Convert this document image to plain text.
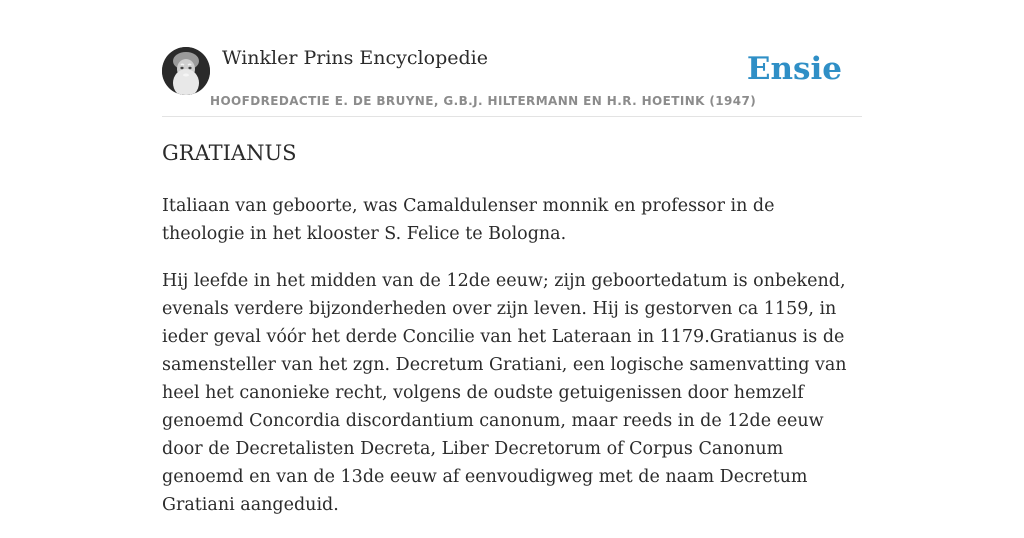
Winkler Prins Encyclopedie
HOOFDREDACTIE E. DE BRUYNE, G.B.J. HILTERMANN EN H.R. HOETINK (1947)
Ensie
GRATIANUS

Italiaan van geboorte, was Camaldulenser monnik en professor in de theologie in het klooster S. Felice te Bologna.

Hij leefde in het midden van de 12de eeuw; zijn geboortedatum is onbekend, evenals verdere bijzonderheden over zijn leven. Hij is gestorven ca 1159, in ieder geval vóór het derde Concilie van het Lateraan in 1179.Gratianus is de samensteller van het zgn. Decretum Gratiani, een logische samenvatting van heel het canonieke recht, volgens de oudste getuigenissen door hemzelf genoemd Concordia discordantium canonum, maar reeds in de 12de eeuw door de Decretalisten Decreta, Liber Decretorum of Corpus Canonum genoemd en van de 13de eeuw af eenvoudigweg met de naam Decretum Gratiani aangeduid.
